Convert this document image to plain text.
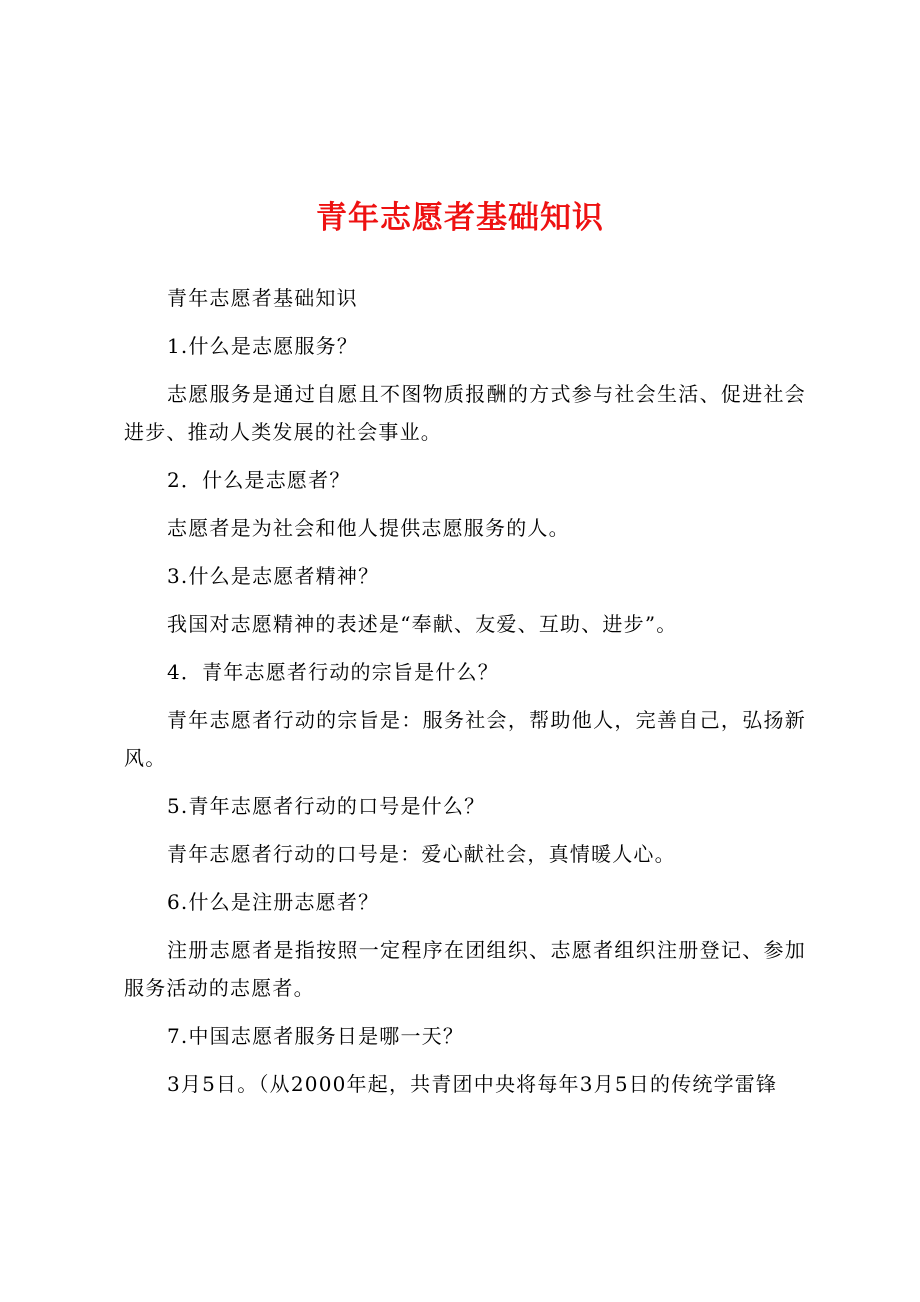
青年志愿者基础知识

青年志愿者基础知识

1.什么是志愿服务？

志愿服务是通过自愿且不图物质报酬的方式参与社会生活、促进社会进步、推动人类发展的社会事业。

2．什么是志愿者？

志愿者是为社会和他人提供志愿服务的人。

3.什么是志愿者精神？

我国对志愿精神的表述是“奉献、友爱、互助、进步”。

4．青年志愿者行动的宗旨是什么？

青年志愿者行动的宗旨是：服务社会，帮助他人，完善自己，弘扬新风。

5.青年志愿者行动的口号是什么？

青年志愿者行动的口号是：爱心献社会，真情暖人心。

6.什么是注册志愿者？

注册志愿者是指按照一定程序在团组织、志愿者组织注册登记、参加服务活动的志愿者。

7.中国志愿者服务日是哪一天？

3月5日。（从2000年起，共青团中央将每年3月5日的传统学雷锋
